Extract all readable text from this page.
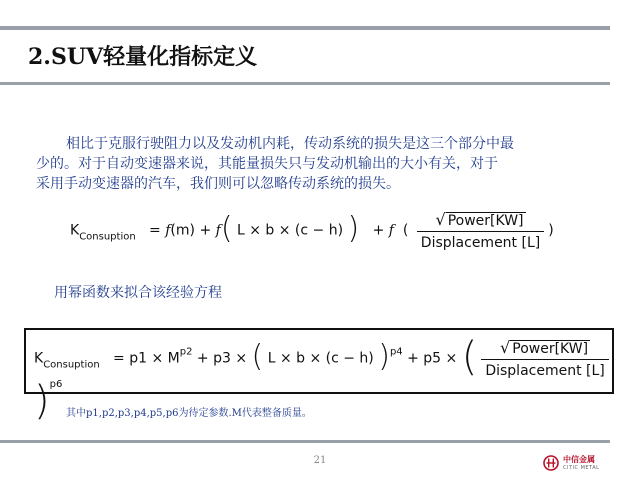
2.SUV轻量化指标定义

相比于克服行驶阻力以及发动机内耗，传动系统的损失是这三个部分中最

少的。对于自动变速器来说，其能量损失只与发动机输出的大小有关，对于

采用手动变速器的汽车，我们则可以忽略传动系统的损失。

$K_{Consuption} = f(m) + f$( L × b × (c − h) ) + f ( $\frac{\text{√ Power[KW]}}{\text{Displacement [L]}}$ )
用幂函数来拟合该经验方程
$K_{Consuption} = p1 \times M^{p2} + p3$ × ( L × b × (c − h) )$^{p4}$ + p5 × ( $\frac{\text{√ Power[KW]}}{\text{Displacement [L]}}$
)$^{p6}$
其中p1,p2,p3,p4,p5,p6为待定参数.M代表整备质量。
21	中信金属
CITIC METAL
